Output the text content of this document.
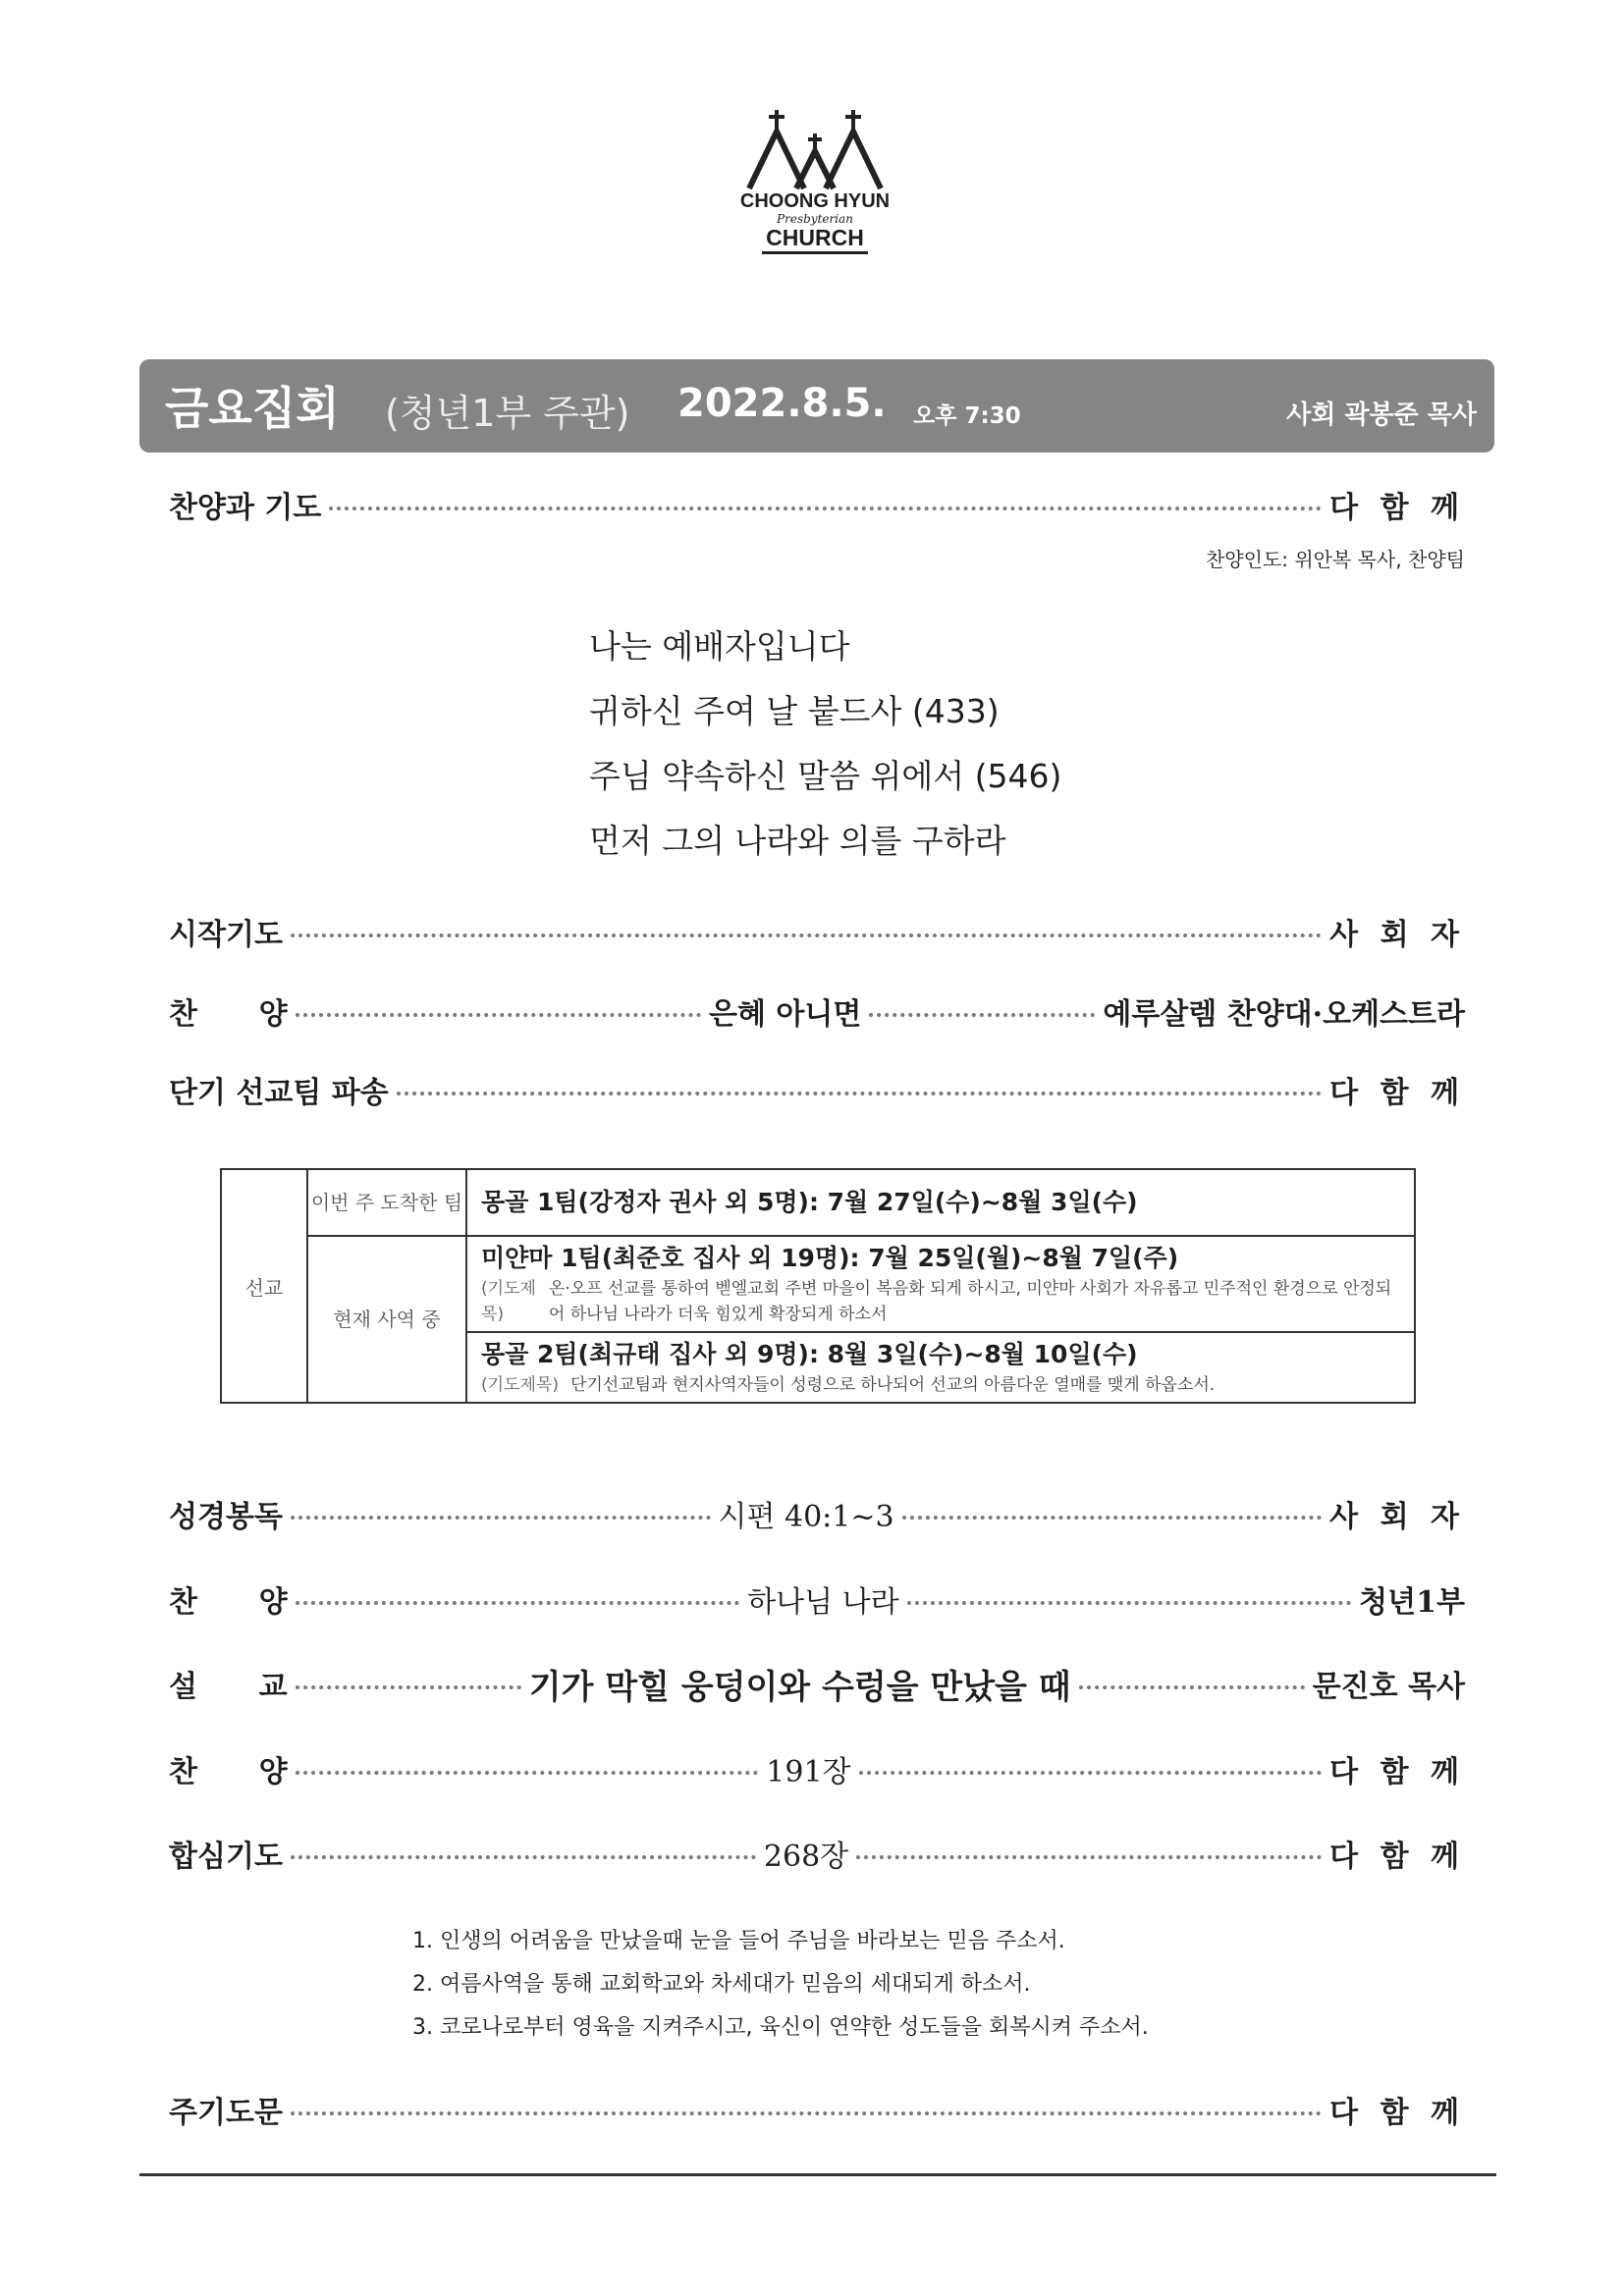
CHOONG HYUN
Presbyterian
CHURCH
금요집회 (청년1부 주관) 2022.8.5. 오후 7:30	사회 곽봉준 목사
찬양과 기도	다 함 께
찬양인도: 위안복 목사, 찬양팀
나는 예배자입니다
귀하신 주여 날 붙드사 (433)
주님 약속하신 말씀 위에서 (546)
먼저 그의 나라와 의를 구하라
시작기도	사 회 자
찬      양	은혜 아니면	예루살렘 찬양대·오케스트라
단기 선교팀 파송	다 함 께
선교	이번 주 도착한 팀	몽골 1팀(강정자 권사 외 5명): 7월 27일(수)~8월 3일(수)

	현재 사역 중	미얀마 1팀(최준호 집사 외 19명): 7월 25일(월)~8월 7일(주)
(기도제목)
온·오프 선교를 통하여 벧엘교회 주변 마을이 복음화 되게 하시고, 미얀마 사회가 자유롭고 민주적인 환경으로 안정되어 하나님 나라가 더욱 힘있게 확장되게 하소서

		몽골 2팀(최규태 집사 외 9명): 8월 3일(수)~8월 10일(수)
(기도제목) 단기선교팀과 현지사역자들이 성령으로 하나되어 선교의 아름다운 열매를 맺게 하옵소서.
성경봉독	시편 40:1~3	사 회 자
찬      양	하나님 나라	청년1부
설      교	기가 막힐 웅덩이와 수렁을 만났을 때	문진호 목사
찬      양	191장	다 함 께
합심기도	268장	다 함 께
1. 인생의 어려움을 만났을때 눈을 들어 주님을 바라보는 믿음 주소서.
2. 여름사역을 통해 교회학교와 차세대가 믿음의 세대되게 하소서.
3. 코로나로부터 영육을 지켜주시고, 육신이 연약한 성도들을 회복시켜 주소서.
주기도문	다 함 께
